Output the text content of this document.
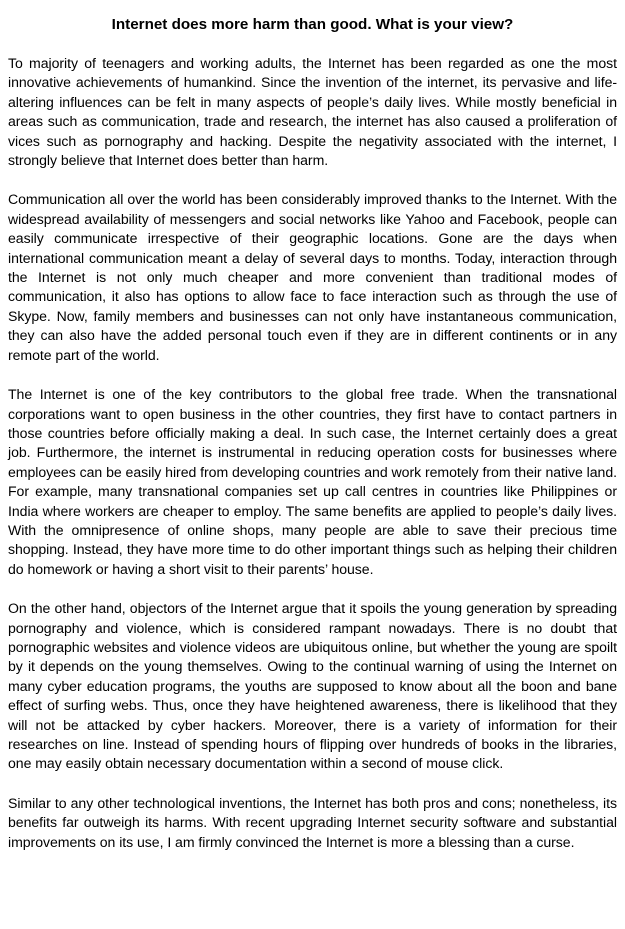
Internet does more harm than good. What is your view?

To majority of teenagers and working adults, the Internet has been regarded as one the most innovative achievements of humankind. Since the invention of the internet, its pervasive and life-altering influences can be felt in many aspects of people’s daily lives. While mostly beneficial in areas such as communication, trade and research, the internet has also caused a proliferation of vices such as pornography and hacking. Despite the negativity associated with the internet, I strongly believe that Internet does better than harm.

Communication all over the world has been considerably improved thanks to the Internet. With the widespread availability of messengers and social networks like Yahoo and Facebook, people can easily communicate irrespective of their geographic locations. Gone are the days when international communication meant a delay of several days to months. Today, interaction through the Internet is not only much cheaper and more convenient than traditional modes of communication, it also has options to allow face to face interaction such as through the use of Skype. Now, family members and businesses can not only have instantaneous communication, they can also have the added personal touch even if they are in different continents or in any remote part of the world.

The Internet is one of the key contributors to the global free trade. When the transnational corporations want to open business in the other countries, they first have to contact partners in those countries before officially making a deal. In such case, the Internet certainly does a great job. Furthermore, the internet is instrumental in reducing operation costs for businesses where employees can be easily hired from developing countries and work remotely from their native land. For example, many transnational companies set up call centres in countries like Philippines or India where workers are cheaper to employ. The same benefits are applied to people’s daily lives. With the omnipresence of online shops, many people are able to save their precious time shopping. Instead, they have more time to do other important things such as helping their children do homework or having a short visit to their parents’ house.

On the other hand, objectors of the Internet argue that it spoils the young generation by spreading pornography and violence, which is considered rampant nowadays. There is no doubt that pornographic websites and violence videos are ubiquitous online, but whether the young are spoilt by it depends on the young themselves. Owing to the continual warning of using the Internet on many cyber education programs, the youths are supposed to know about all the boon and bane effect of surfing webs. Thus, once they have heightened awareness, there is likelihood that they will not be attacked by cyber hackers. Moreover, there is a variety of information for their researches on line. Instead of spending hours of flipping over hundreds of books in the libraries, one may easily obtain necessary documentation within a second of mouse click.

Similar to any other technological inventions, the Internet has both pros and cons; nonetheless, its benefits far outweigh its harms. With recent upgrading Internet security software and substantial improvements on its use, I am firmly convinced the Internet is more a blessing than a curse.
